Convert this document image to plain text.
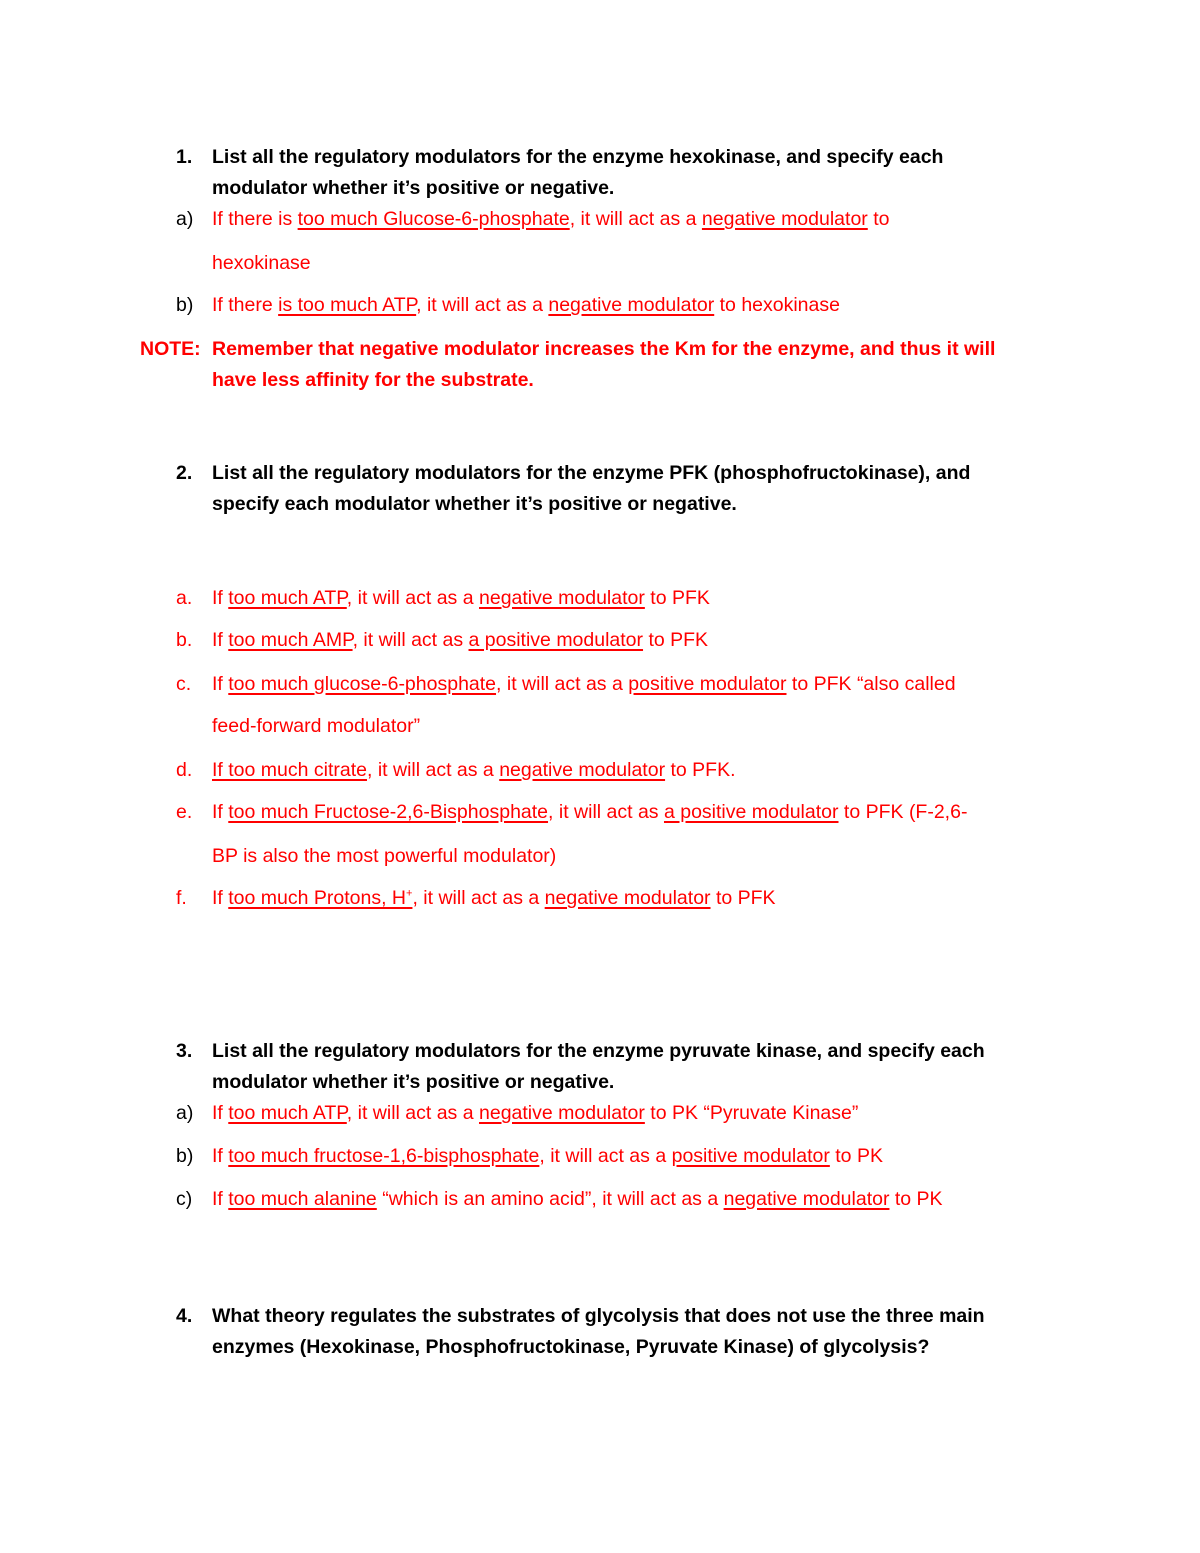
1. List all the regulatory modulators for the enzyme hexokinase, and specify each
modulator whether it’s positive or negative.
a) If there is too much Glucose-6-phosphate, it will act as a negative modulator to
hexokinase
b) If there is too much ATP, it will act as a negative modulator to hexokinase
NOTE: Remember that negative modulator increases the Km for the enzyme, and thus it will
have less affinity for the substrate.
2. List all the regulatory modulators for the enzyme PFK (phosphofructokinase), and
specify each modulator whether it’s positive or negative.
a. If too much ATP, it will act as a negative modulator to PFK
b. If too much AMP, it will act as a positive modulator to PFK
c. If too much glucose-6-phosphate, it will act as a positive modulator to PFK “also called
feed-forward modulator”
d. If too much citrate, it will act as a negative modulator to PFK.
e. If too much Fructose-2,6-Bisphosphate, it will act as a positive modulator to PFK (F-2,6-
BP is also the most powerful modulator)
f. If too much Protons, H+, it will act as a negative modulator to PFK
3. List all the regulatory modulators for the enzyme pyruvate kinase, and specify each
modulator whether it’s positive or negative.
a) If too much ATP, it will act as a negative modulator to PK “Pyruvate Kinase”
b) If too much fructose-1,6-bisphosphate, it will act as a positive modulator to PK
c) If too much alanine “which is an amino acid”, it will act as a negative modulator to PK
4. What theory regulates the substrates of glycolysis that does not use the three main
enzymes (Hexokinase, Phosphofructokinase, Pyruvate Kinase) of glycolysis?
